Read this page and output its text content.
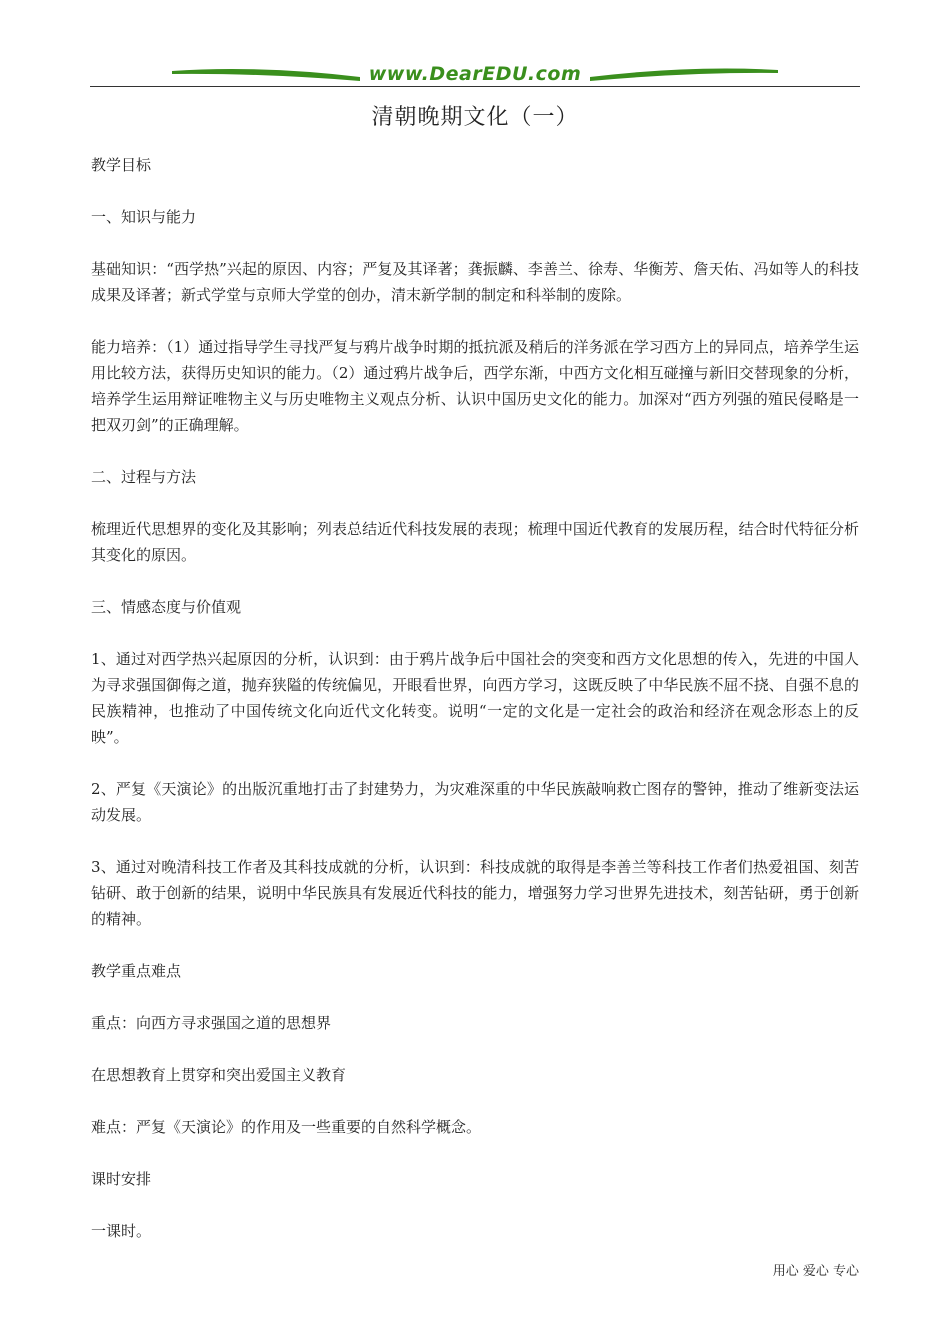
www.DearEDU.com
清朝晚期文化（一）

教学目标

一、知识与能力

基础知识：“西学热”兴起的原因、内容；严复及其译著；龚振麟、李善兰、徐寿、华衡芳、詹天佑、冯如等人的科技成果及译著；新式学堂与京师大学堂的创办，清末新学制的制定和科举制的废除。

能力培养：（1）通过指导学生寻找严复与鸦片战争时期的抵抗派及稍后的洋务派在学习西方上的异同点，培养学生运用比较方法，获得历史知识的能力。（2）通过鸦片战争后，西学东渐，中西方文化相互碰撞与新旧交替现象的分析，培养学生运用辩证唯物主义与历史唯物主义观点分析、认识中国历史文化的能力。加深对“西方列强的殖民侵略是一把双刃剑”的正确理解。

二、过程与方法

梳理近代思想界的变化及其影响；列表总结近代科技发展的表现；梳理中国近代教育的发展历程，结合时代特征分析其变化的原因。

三、情感态度与价值观

1、通过对西学热兴起原因的分析，认识到：由于鸦片战争后中国社会的突变和西方文化思想的传入，先进的中国人为寻求强国御侮之道，抛弃狭隘的传统偏见，开眼看世界，向西方学习，这既反映了中华民族不屈不挠、自强不息的民族精神，也推动了中国传统文化向近代文化转变。说明“一定的文化是一定社会的政治和经济在观念形态上的反映”。

2、严复《天演论》的出版沉重地打击了封建势力，为灾难深重的中华民族敲响救亡图存的警钟，推动了维新变法运动发展。

3、通过对晚清科技工作者及其科技成就的分析，认识到：科技成就的取得是李善兰等科技工作者们热爱祖国、刻苦钻研、敢于创新的结果，说明中华民族具有发展近代科技的能力，增强努力学习世界先进技术，刻苦钻研，勇于创新的精神。

教学重点难点

重点：向西方寻求强国之道的思想界

在思想教育上贯穿和突出爱国主义教育

难点：严复《天演论》的作用及一些重要的自然科学概念。

课时安排

一课时。

用心 爱心 专心
